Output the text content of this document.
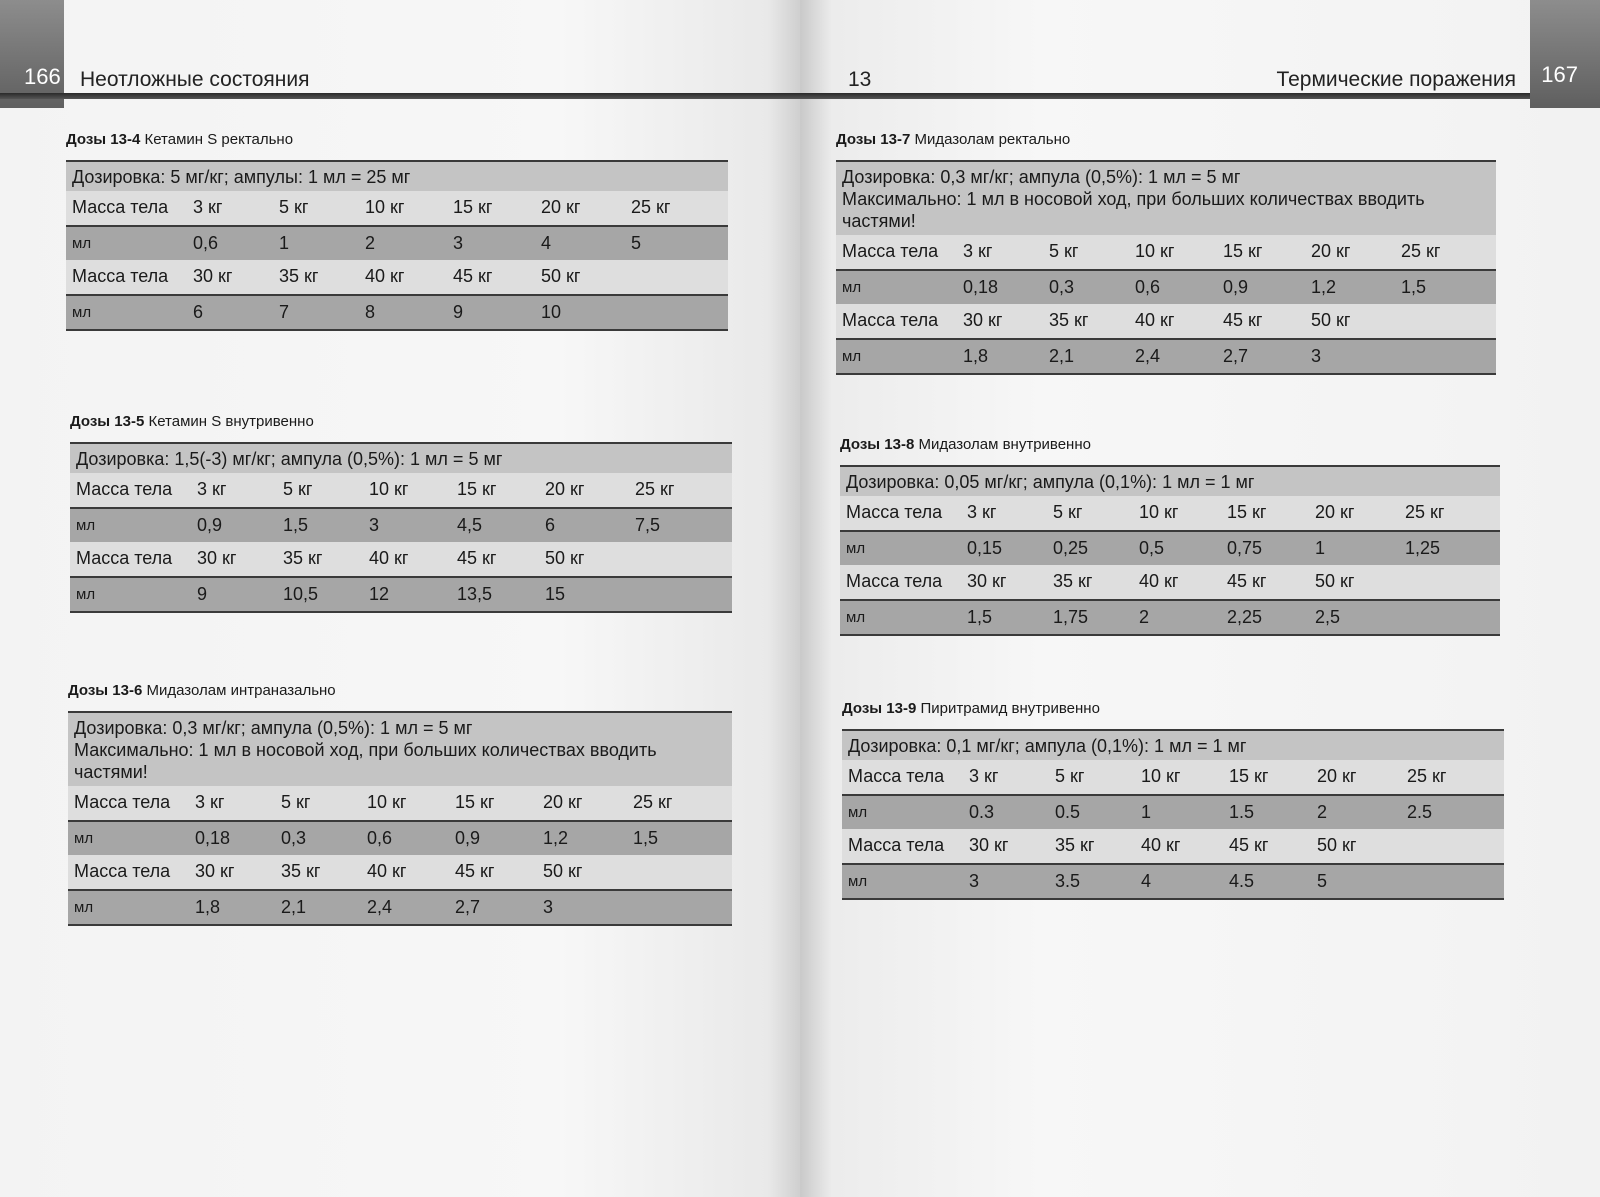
166 Неотложные состояния
Дозы 13-4 Кетамин S ректально
Дозировка: 5 мг/кг; ампулы: 1 мл = 25 мг
Масса тела	3 кг	5 кг	10 кг	15 кг	20 кг	25 кг
мл	0,6	1	2	3	4	5
Масса тела	30 кг	35 кг	40 кг	45 кг	50 кг
мл	6	7	8	9	10
Дозы 13-5 Кетамин S внутривенно
Дозировка: 1,5(-3) мг/кг; ампула (0,5%): 1 мл = 5 мг
Масса тела	3 кг	5 кг	10 кг	15 кг	20 кг	25 кг
мл	0,9	1,5	3	4,5	6	7,5
Масса тела	30 кг	35 кг	40 кг	45 кг	50 кг
мл	9	10,5	12	13,5	15
Дозы 13-6 Мидазолам интраназально
Дозировка: 0,3 мг/кг; ампула (0,5%): 1 мл = 5 мг
Максимально: 1 мл в носовой ход, при больших количествах вводить
частями!
Масса тела	3 кг	5 кг	10 кг	15 кг	20 кг	25 кг
мл	0,18	0,3	0,6	0,9	1,2	1,5
Масса тела	30 кг	35 кг	40 кг	45 кг	50 кг
мл	1,8	2,1	2,4	2,7	3
13	Термические поражения 167
Дозы 13-7 Мидазолам ректально
Дозировка: 0,3 мг/кг; ампула (0,5%): 1 мл = 5 мг
Максимально: 1 мл в носовой ход, при больших количествах вводить
частями!
Масса тела	3 кг	5 кг	10 кг	15 кг	20 кг	25 кг
мл	0,18	0,3	0,6	0,9	1,2	1,5
Масса тела	30 кг	35 кг	40 кг	45 кг	50 кг
мл	1,8	2,1	2,4	2,7	3
Дозы 13-8 Мидазолам внутривенно
Дозировка: 0,05 мг/кг; ампула (0,1%): 1 мл = 1 мг
Масса тела	3 кг	5 кг	10 кг	15 кг	20 кг	25 кг
мл	0,15	0,25	0,5	0,75	1	1,25
Масса тела	30 кг	35 кг	40 кг	45 кг	50 кг
мл	1,5	1,75	2	2,25	2,5
Дозы 13-9 Пиритрамид внутривенно
Дозировка: 0,1 мг/кг; ампула (0,1%): 1 мл = 1 мг
Масса тела	3 кг	5 кг	10 кг	15 кг	20 кг	25 кг
мл	0.3	0.5	1	1.5	2	2.5
Масса тела	30 кг	35 кг	40 кг	45 кг	50 кг
мл	3	3.5	4	4.5	5
